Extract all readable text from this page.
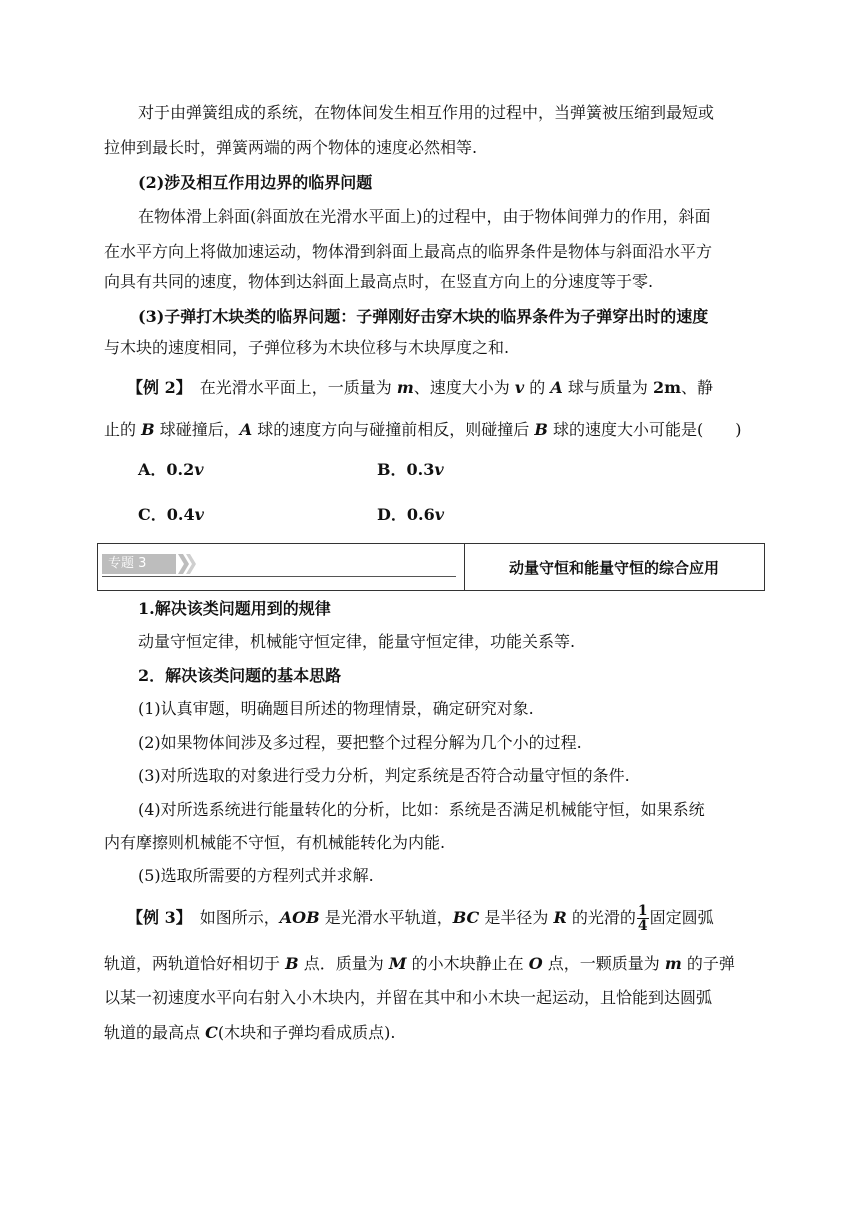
对于由弹簧组成的系统，在物体间发生相互作用的过程中，当弹簧被压缩到最短或
拉伸到最长时，弹簧两端的两个物体的速度必然相等.
(2)涉及相互作用边界的临界问题
在物体滑上斜面(斜面放在光滑水平面上)的过程中，由于物体间弹力的作用，斜面
在水平方向上将做加速运动，物体滑到斜面上最高点的临界条件是物体与斜面沿水平方
向具有共同的速度，物体到达斜面上最高点时，在竖直方向上的分速度等于零.
(3)子弹打木块类的临界问题：子弹刚好击穿木块的临界条件为子弹穿出时的速度
与木块的速度相同，子弹位移为木块位移与木块厚度之和.
【例 2】　 在光滑水平面上，一质量为 m、速度大小为 v 的 A 球与质量为 2m、静
止的 B 球碰撞后，A 球的速度方向与碰撞前相反，则碰撞后 B 球的速度大小可能是(　　)
A．0.2v	B．0.3v
C．0.4v	D．0.6v
专题 3	动量守恒和能量守恒的综合应用
1.解决该类问题用到的规律
动量守恒定律，机械能守恒定律，能量守恒定律，功能关系等.
2．解决该类问题的基本思路
(1)认真审题，明确题目所述的物理情景，确定研究对象.
(2)如果物体间涉及多过程，要把整个过程分解为几个小的过程.
(3)对所选取的对象进行受力分析，判定系统是否符合动量守恒的条件.
(4)对所选系统进行能量转化的分析，比如：系统是否满足机械能守恒，如果系统
内有摩擦则机械能不守恒，有机械能转化为内能.
(5)选取所需要的方程列式并求解.
【例 3】　 如图所示，AOB 是光滑水平轨道，BC 是半径为 R 的光滑的 $\frac{1}{4}$ 固定圆弧
轨道，两轨道恰好相切于 B 点．质量为 M 的小木块静止在 O 点，一颗质量为 m 的子弹
以某一初速度水平向右射入小木块内，并留在其中和小木块一起运动，且恰能到达圆弧
轨道的最高点 C(木块和子弹均看成质点).
